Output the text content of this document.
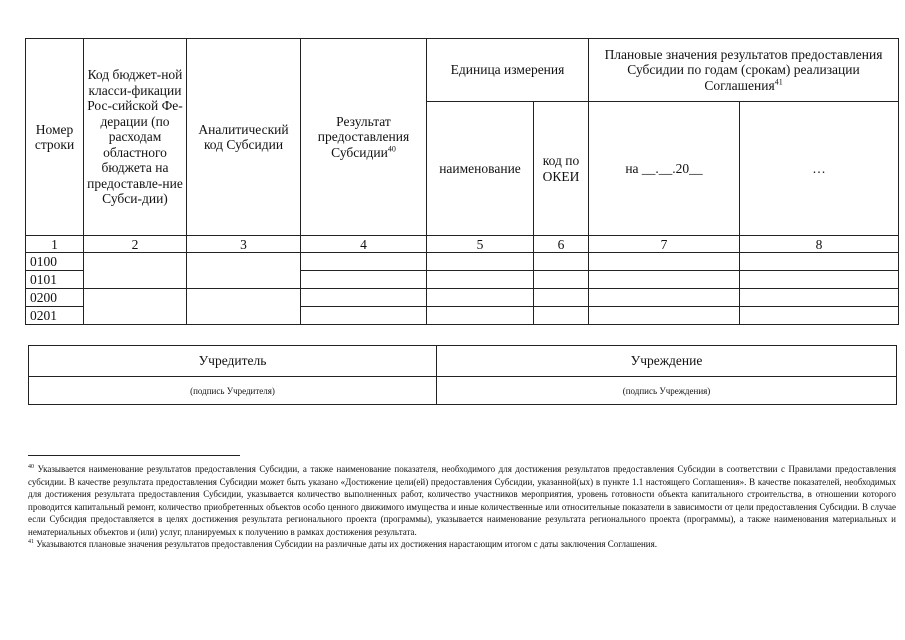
Номер строки	Код бюджет-ной класси-фикации Рос-сийской Фе-дерации (по расходам областного бюджета на предоставле-ние Субси-дии)	Аналитический код Субсидии	Результат предоставления Субсидии$^{40}$	Единица измерения		Плановые значения результатов предоставления Субсидии по годам (срокам) реализации Соглашения$^{41}$
				наименование	код по ОКЕИ	на __.__.20__	…
1	2	3	4	5	6	7	8
0100							
0101							
0200							
0201							
Учредитель	Учреждение
(подпись Учредителя)	(подпись Учреждения)

$^{40}$ Указывается наименование результатов предоставления Субсидии, а также наименование показателя, необходимого для достижения результатов предоставления Субсидии в соответствии с Правилами предоставления субсидии. В качестве результата предоставления Субсидии может быть указано «Достижение цели(ей) предоставления Субсидии, указанной(ых) в пункте 1.1 настоящего Соглашения». В качестве показателей, необходимых для достижения результата предоставления Субсидии, указывается количество выполненных работ, количество участников мероприятия, уровень готовности объекта капитального строительства, в отношении которого проводится капитальный ремонт, количество приобретенных объектов особо ценного движимого имущества и иные количественные или относительные показатели в зависимости от цели предоставления Субсидии. В случае если Субсидия предоставляется в целях достижения результата регионального проекта (программы), указывается наименование результата регионального проекта (программы), а также наименования материальных и нематериальных объектов и (или) услуг, планируемых к получению в рамках достижения результата.

$^{41}$ Указываются плановые значения результатов предоставления Субсидии на различные даты их достижения нарастающим итогом с даты заключения Соглашения.
